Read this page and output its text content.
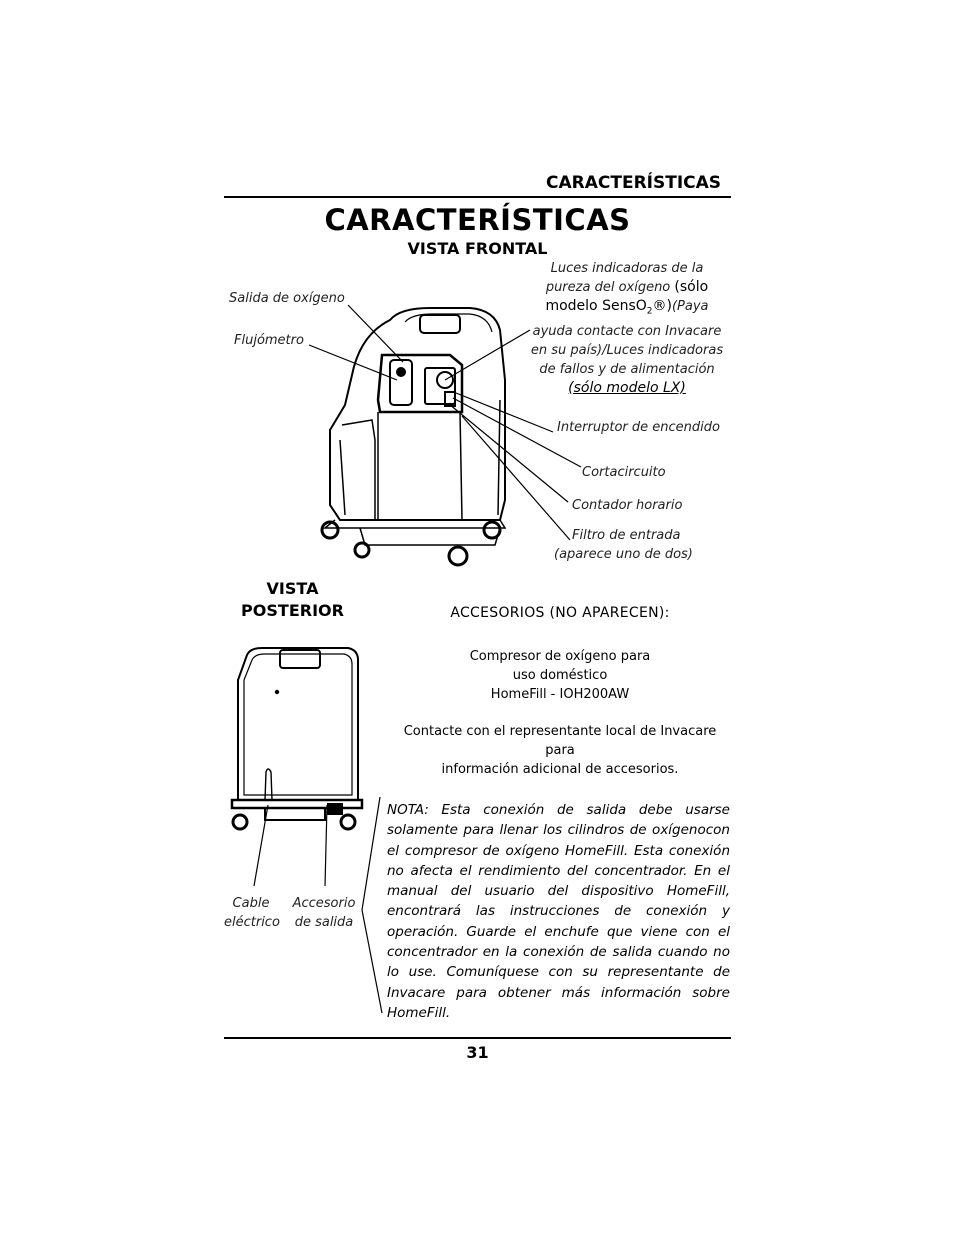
CARACTERÍSTICAS
CARACTERÍSTICAS
VISTA FRONTAL
Salida de oxígeno
Flujómetro
Luces indicadoras de la
pureza del oxígeno (sólo
modelo SensO$_2$®)(Paya
ayuda contacte con Invacare
en su país)/Luces indicadoras
de fallos y de alimentación
(sólo modelo LX)
Interruptor de encendido
Cortacircuito
Contador horario
Filtro de entrada
(aparece uno de dos)
VISTA
POSTERIOR
Cable
eléctrico
Accesorio
de salida
ACCESORIOS (NO APARECEN):
Compresor de oxígeno para
uso doméstico
HomeFill - IOH200AW
Contacte con el representante local de Invacare para
información adicional de accesorios.
NOTA: Esta conexión de salida debe usarse solamente para llenar los cilindros de oxígenocon el compresor de oxígeno HomeFill. Esta conexión no afecta el rendimiento del concentrador. En el manual del usuario del dispositivo HomeFill, encontrará las instrucciones de conexión y operación. Guarde el enchufe que viene con el concentrador en la conexión de salida cuando no lo use. Comuníquese con su representante de Invacare para obtener más información sobre HomeFill.
31
